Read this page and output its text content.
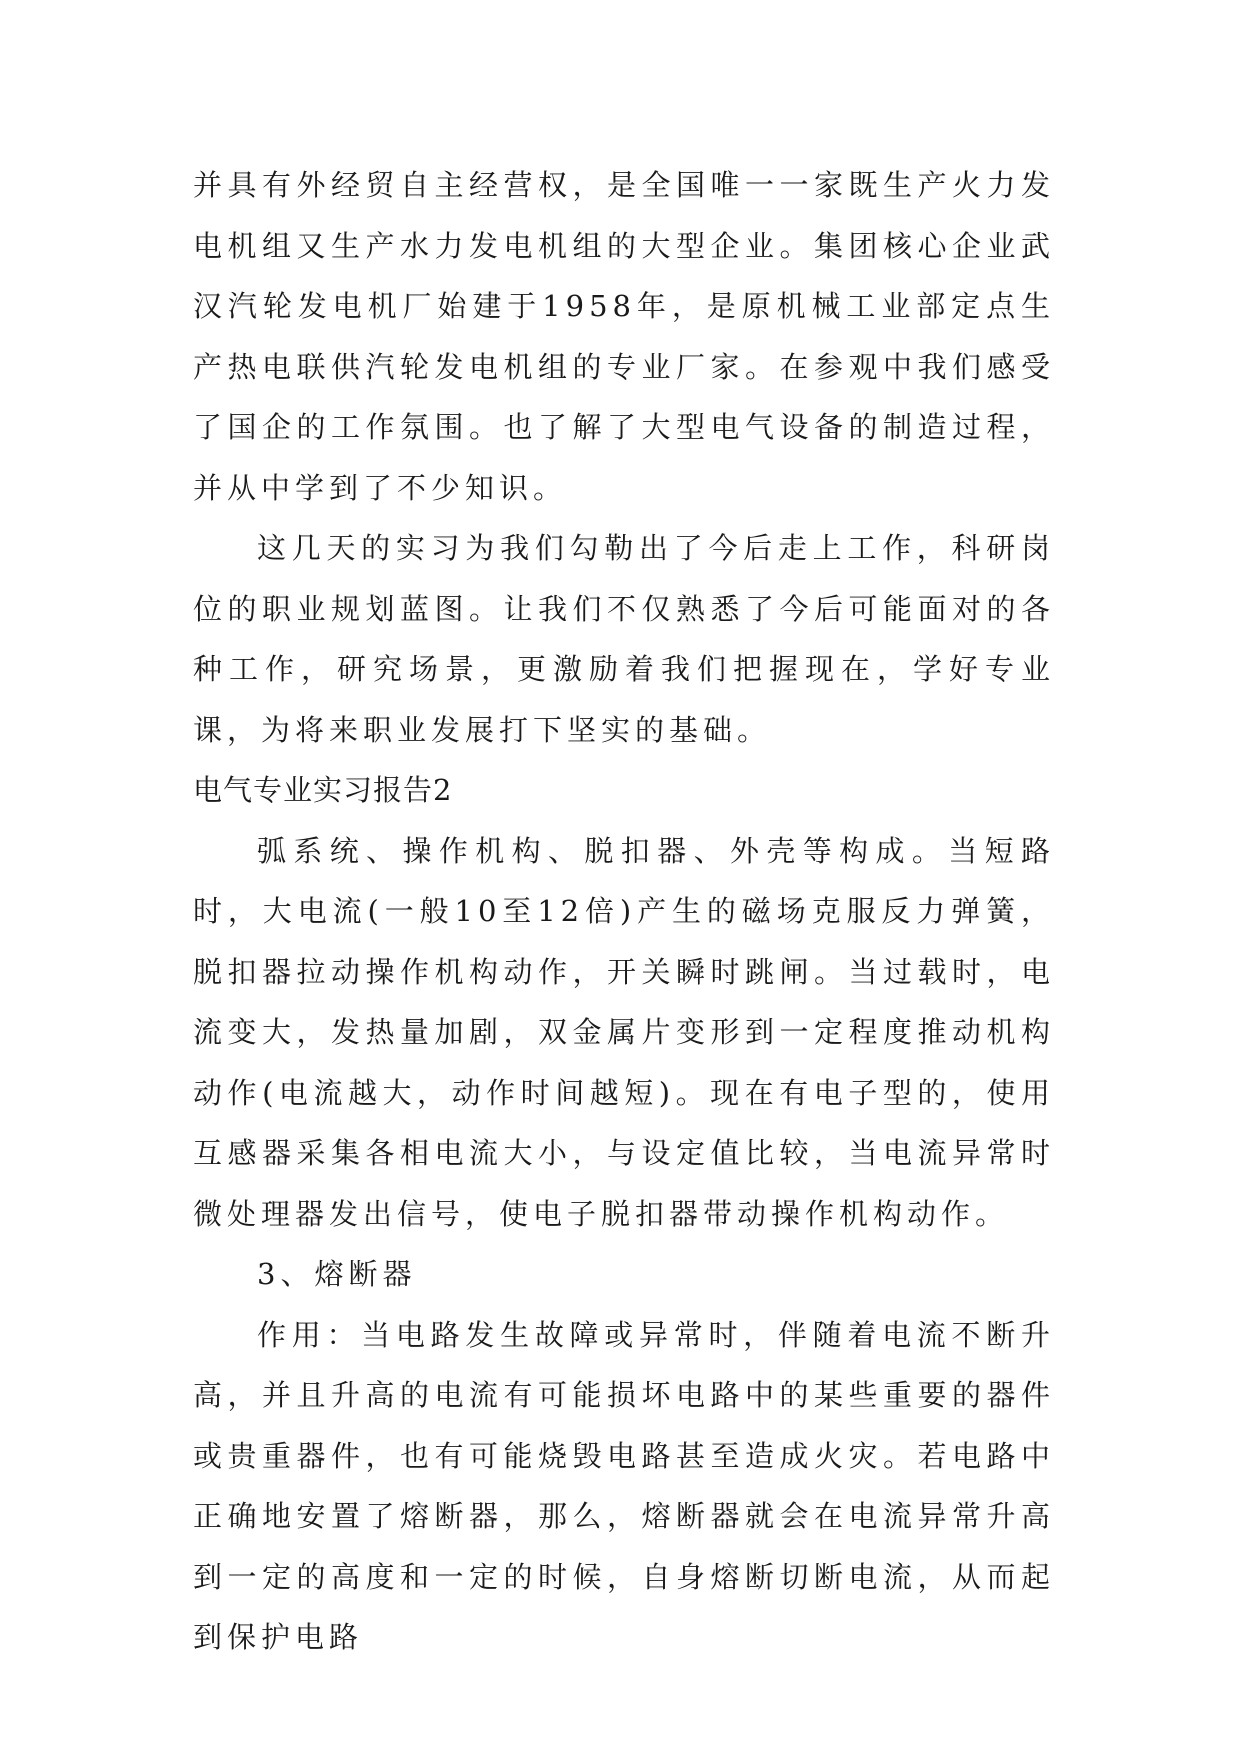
并具有外经贸自主经营权，是全国唯一一家既生产火力发电机组又生产水力发电机组的大型企业。集团核心企业武汉汽轮发电机厂始建于1958年，是原机械工业部定点生产热电联供汽轮发电机组的专业厂家。在参观中我们感受了国企的工作氛围。也了解了大型电气设备的制造过程，并从中学到了不少知识。

这几天的实习为我们勾勒出了今后走上工作，科研岗位的职业规划蓝图。让我们不仅熟悉了今后可能面对的各种工作，研究场景，更激励着我们把握现在，学好专业课，为将来职业发展打下坚实的基础。

电气专业实习报告2

弧系统、操作机构、脱扣器、外壳等构成。当短路时，大电流(一般10至12倍)产生的磁场克服反力弹簧，脱扣器拉动操作机构动作，开关瞬时跳闸。当过载时，电流变大，发热量加剧，双金属片变形到一定程度推动机构动作(电流越大，动作时间越短)。现在有电子型的，使用互感器采集各相电流大小，与设定值比较，当电流异常时微处理器发出信号，使电子脱扣器带动操作机构动作。

3、熔断器

作用：当电路发生故障或异常时，伴随着电流不断升高，并且升高的电流有可能损坏电路中的某些重要的器件或贵重器件，也有可能烧毁电路甚至造成火灾。若电路中正确地安置了熔断器，那么，熔断器就会在电流异常升高到一定的高度和一定的时候，自身熔断切断电流，从而起到保护电路
